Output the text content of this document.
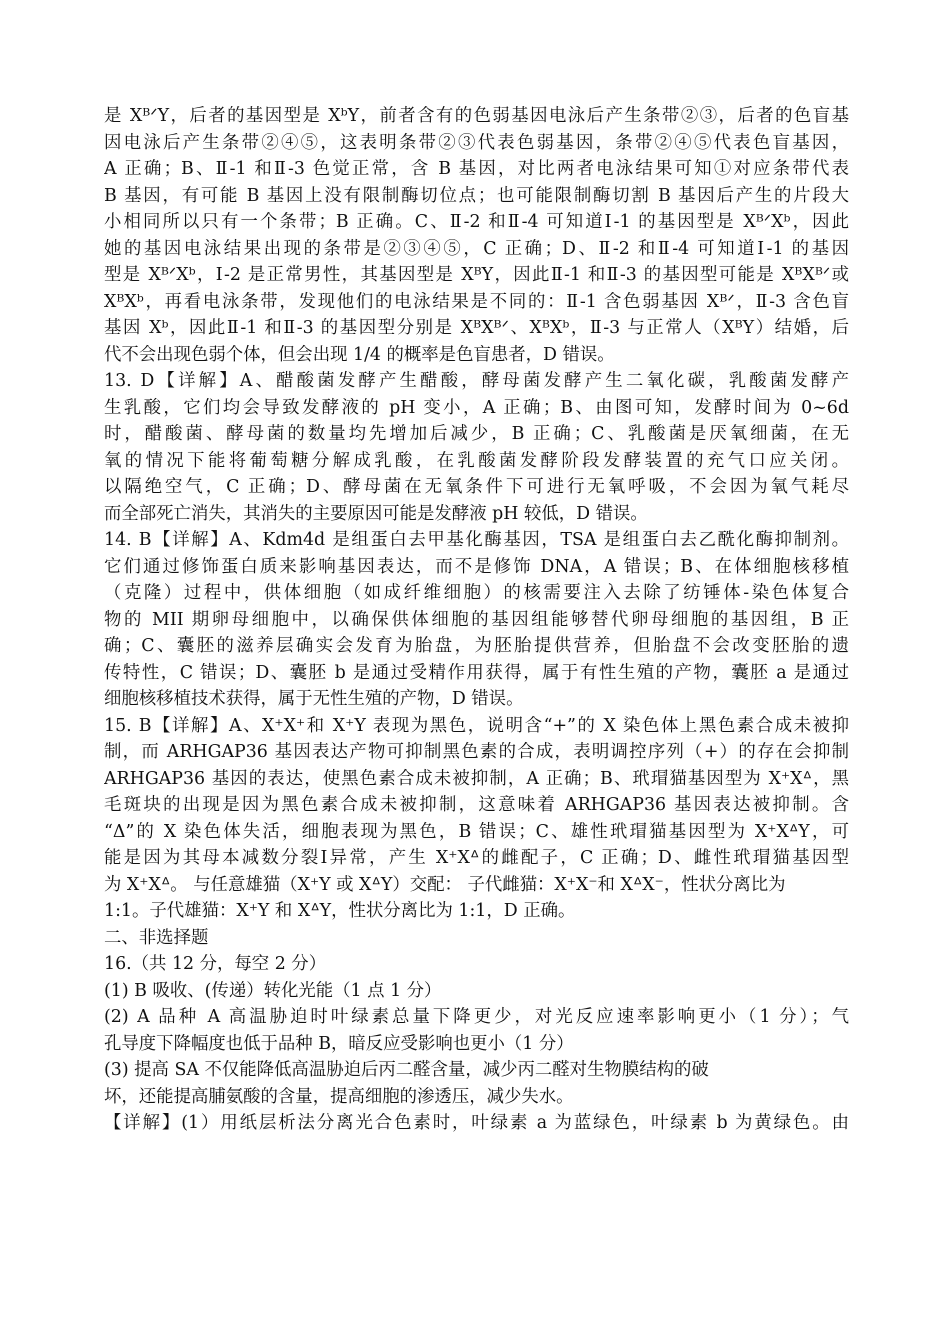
是 XᴮᐟY，后者的基因型是 XᵇY，前者含有的色弱基因电泳后产生条带②③，后者的色盲基
因电泳后产生条带②④⑤，这表明条带②③代表色弱基因，条带②④⑤代表色盲基因，
A 正确；B、Ⅱ-1 和Ⅱ-3 色觉正常，含 B 基因，对比两者电泳结果可知①对应条带代表
B 基因，有可能 B 基因上没有限制酶切位点；也可能限制酶切割 B 基因后产生的片段大
小相同所以只有一个条带；B 正确。C、Ⅱ-2 和Ⅱ-4 可知道Ⅰ-1 的基因型是 XᴮᐟXᵇ，因此
她的基因电泳结果出现的条带是②③④⑤，C 正确；D、Ⅱ-2 和Ⅱ-4 可知道Ⅰ-1 的基因
型是 XᴮᐟXᵇ，Ⅰ-2 是正常男性，其基因型是 XᴮY，因此Ⅱ-1 和Ⅱ-3 的基因型可能是 XᴮXᴮᐟ或
XᴮXᵇ，再看电泳条带，发现他们的电泳结果是不同的：Ⅱ-1 含色弱基因 Xᴮᐟ，Ⅱ-3 含色盲
基因 Xᵇ，因此Ⅱ-1 和Ⅱ-3 的基因型分别是 XᴮXᴮᐟ、XᴮXᵇ，Ⅱ-3 与正常人（XᴮY）结婚，后
代不会出现色弱个体，但会出现 1/4 的概率是色盲患者，D 错误。
13. D【详解】A、醋酸菌发酵产生醋酸，酵母菌发酵产生二氧化碳，乳酸菌发酵产
生乳酸，它们均会导致发酵液的 pH 变小，A 正确；B、由图可知，发酵时间为 0~6d
时，醋酸菌、酵母菌的数量均先增加后减少，B 正确；C、乳酸菌是厌氧细菌，在无
氧的情况下能将葡萄糖分解成乳酸，在乳酸菌发酵阶段发酵装置的充气口应关闭。
以隔绝空气，C 正确；D、酵母菌在无氧条件下可进行无氧呼吸，不会因为氧气耗尽
而全部死亡消失，其消失的主要原因可能是发酵液 pH 较低，D 错误。
14. B【详解】A、Kdm4d 是组蛋白去甲基化酶基因，TSA 是组蛋白去乙酰化酶抑制剂。
它们通过修饰蛋白质来影响基因表达，而不是修饰 DNA，A 错误；B、在体细胞核移植
（克隆）过程中，供体细胞（如成纤维细胞）的核需要注入去除了纺锤体-染色体复合
物的 MII 期卵母细胞中，以确保供体细胞的基因组能够替代卵母细胞的基因组，B 正
确；C、囊胚的滋养层确实会发育为胎盘，为胚胎提供营养，但胎盘不会改变胚胎的遗
传特性，C 错误；D、囊胚 b 是通过受精作用获得，属于有性生殖的产物，囊胚 a 是通过
细胞核移植技术获得，属于无性生殖的产物，D 错误。
15. B【详解】A、X⁺X⁺和 X⁺Y 表现为黑色，说明含“+”的 X 染色体上黑色素合成未被抑
制，而 ARHGAP36 基因表达产物可抑制黑色素的合成，表明调控序列（+）的存在会抑制
ARHGAP36 基因的表达，使黑色素合成未被抑制，A 正确；B、玳瑁猫基因型为 X⁺Xᐞ，黑
毛斑块的出现是因为黑色素合成未被抑制，这意味着 ARHGAP36 基因表达被抑制。含
“Δ”的 X 染色体失活，细胞表现为黑色，B 错误；C、雄性玳瑁猫基因型为 X⁺XᐞY，可
能是因为其母本减数分裂Ⅰ异常，产生 X⁺Xᐞ的雌配子，C 正确；D、雌性玳瑁猫基因型
为 X⁺Xᐞ。 与任意雄猫（X⁺Y 或 XᐞY）交配： 子代雌猫：X⁺X⁻和 XᐞX⁻，性状分离比为
1:1。子代雄猫：X⁺Y 和 XᐞY，性状分离比为 1:1，D 正确。
二、非选择题
16.（共 12 分，每空 2 分）
(1) B 吸收、(传递）转化光能（1 点 1 分）
(2) A 品种 A 高温胁迫时叶绿素总量下降更少，对光反应速率影响更小（1 分）；气
孔导度下降幅度也低于品种 B，暗反应受影响也更小（1 分）
(3) 提高 SA 不仅能降低高温胁迫后丙二醛含量，减少丙二醛对生物膜结构的破
坏，还能提高脯氨酸的含量，提高细胞的渗透压，减少失水。
【详解】(1）用纸层析法分离光合色素时，叶绿素 a 为蓝绿色，叶绿素 b 为黄绿色。由
